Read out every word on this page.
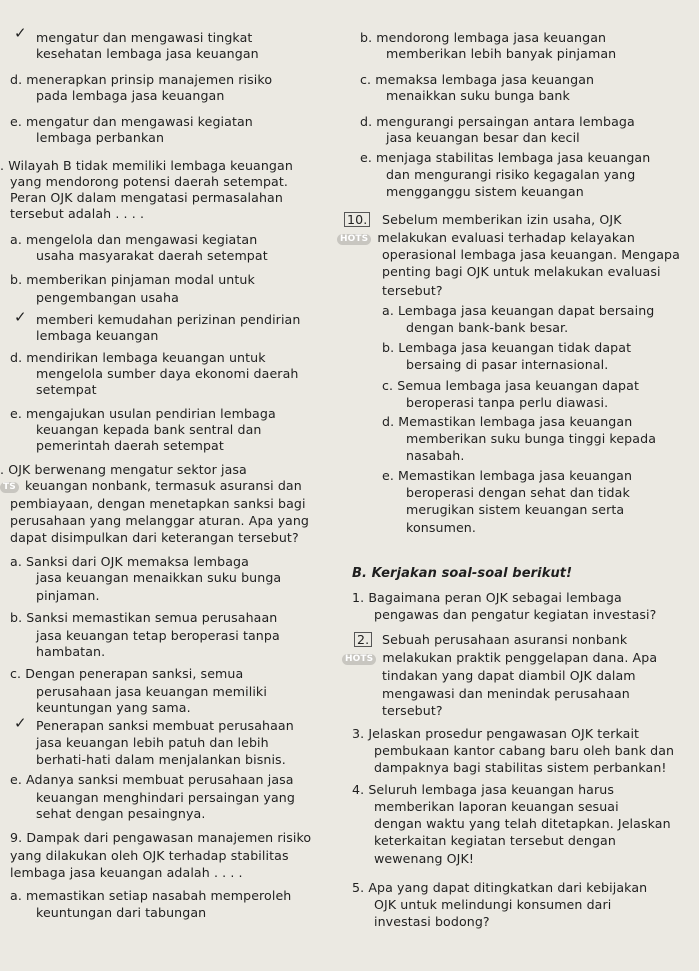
✓ mengatur dan mengawasi tingkat
kesehatan lembaga jasa keuangan
d. menerapkan prinsip manajemen risiko
pada lembaga jasa keuangan
e. mengatur dan mengawasi kegiatan
lembaga perbankan
. Wilayah B tidak memiliki lembaga keuangan
yang mendorong potensi daerah setempat.
Peran OJK dalam mengatasi permasalahan
tersebut adalah . . . .
a. mengelola dan mengawasi kegiatan
usaha masyarakat daerah setempat
b. memberikan pinjaman modal untuk
pengembangan usaha
✓ memberi kemudahan perizinan pendirian
lembaga keuangan
d. mendirikan lembaga keuangan untuk
mengelola sumber daya ekonomi daerah
setempat
e. mengajukan usulan pendirian lembaga
keuangan kepada bank sentral dan
pemerintah daerah setempat
. OJK berwenang mengatur sektor jasa
TS keuangan nonbank, termasuk asuransi dan
pembiayaan, dengan menetapkan sanksi bagi
perusahaan yang melanggar aturan. Apa yang
dapat disimpulkan dari keterangan tersebut?
a. Sanksi dari OJK memaksa lembaga
jasa keuangan menaikkan suku bunga
pinjaman.
b. Sanksi memastikan semua perusahaan
jasa keuangan tetap beroperasi tanpa
hambatan.
c. Dengan penerapan sanksi, semua
perusahaan jasa keuangan memiliki
keuntungan yang sama.
✓ Penerapan sanksi membuat perusahaan
jasa keuangan lebih patuh dan lebih
berhati-hati dalam menjalankan bisnis.
e. Adanya sanksi membuat perusahaan jasa
keuangan menghindari persaingan yang
sehat dengan pesaingnya.
9. Dampak dari pengawasan manajemen risiko
yang dilakukan oleh OJK terhadap stabilitas
lembaga jasa keuangan adalah . . . .
a. memastikan setiap nasabah memperoleh
keuntungan dari tabungan
b. mendorong lembaga jasa keuangan
memberikan lebih banyak pinjaman
c. memaksa lembaga jasa keuangan
menaikkan suku bunga bank
d. mengurangi persaingan antara lembaga
jasa keuangan besar dan kecil
e. menjaga stabilitas lembaga jasa keuangan
dan mengurangi risiko kegagalan yang
mengganggu sistem keuangan
10. Sebelum memberikan izin usaha, OJK
HOTS melakukan evaluasi terhadap kelayakan
operasional lembaga jasa keuangan. Mengapa
penting bagi OJK untuk melakukan evaluasi
tersebut?
a. Lembaga jasa keuangan dapat bersaing
dengan bank-bank besar.
b. Lembaga jasa keuangan tidak dapat
bersaing di pasar internasional.
c. Semua lembaga jasa keuangan dapat
beroperasi tanpa perlu diawasi.
d. Memastikan lembaga jasa keuangan
memberikan suku bunga tinggi kepada
nasabah.
e. Memastikan lembaga jasa keuangan
beroperasi dengan sehat dan tidak
merugikan sistem keuangan serta
konsumen.
B. Kerjakan soal-soal berikut!
1. Bagaimana peran OJK sebagai lembaga
pengawas dan pengatur kegiatan investasi?
2. Sebuah perusahaan asuransi nonbank
HOTS melakukan praktik penggelapan dana. Apa
tindakan yang dapat diambil OJK dalam
mengawasi dan menindak perusahaan
tersebut?
3. Jelaskan prosedur pengawasan OJK terkait
pembukaan kantor cabang baru oleh bank dan
dampaknya bagi stabilitas sistem perbankan!
4. Seluruh lembaga jasa keuangan harus
memberikan laporan keuangan sesuai
dengan waktu yang telah ditetapkan. Jelaskan
keterkaitan kegiatan tersebut dengan
wewenang OJK!
5. Apa yang dapat ditingkatkan dari kebijakan
OJK untuk melindungi konsumen dari
investasi bodong?
